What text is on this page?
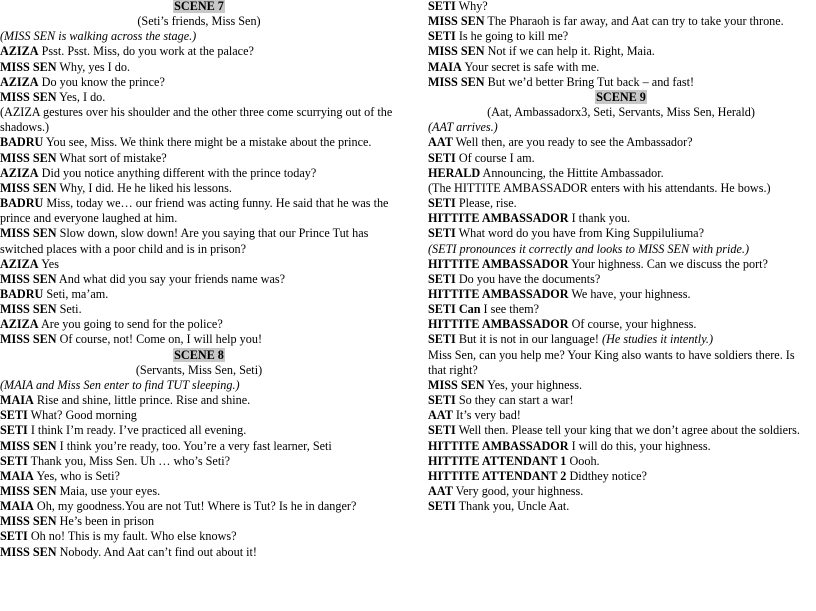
SCENE 7

(Seti’s friends, Miss Sen)

(MISS SEN is walking across the stage.)

AZIZA Psst. Psst. Miss, do you work at the palace?

MISS SEN Why, yes I do.

AZIZA Do you know the prince?

MISS SEN Yes, I do.

(AZIZA gestures over his shoulder and the other three come scurrying out of the

shadows.)

BADRU You see, Miss. We think there might be a mistake about the prince.

MISS SEN What sort of mistake?

AZIZA Did you notice anything different with the prince today?

MISS SEN Why, I did. He he liked his lessons.

BADRU Miss, today we… our friend was acting funny. He said that he was the prince and everyone laughed at him.

MISS SEN Slow down, slow down! Are you saying that our Prince Tut has switched places with a poor child and is in prison?

AZIZA Yes

MISS SEN And what did you say your friends name was?

BADRU Seti, ma’am.

MISS SEN Seti.

AZIZA Are you going to send for the police?

MISS SEN Of course, not! Come on, I will help you!

SCENE 8

(Servants, Miss Sen, Seti)

(MAIA and Miss Sen enter to find TUT sleeping.)

MAIA Rise and shine, little prince. Rise and shine.

SETI What? Good morning

SETI I think I’m ready. I’ve practiced all evening.

MISS SEN I think you’re ready, too. You’re a very fast learner, Seti

SETI Thank you, Miss Sen. Uh … who’s Seti?

MAIA Yes, who is Seti?

MISS SEN Maia, use your eyes.

MAIA Oh, my goodness.You are not Tut! Where is Tut? Is he in danger?

MISS SEN He’s been in prison

SETI Oh no! This is my fault. Who else knows?

MISS SEN Nobody. And Aat can’t find out about it!

SETI Why?

MISS SEN The Pharaoh is far away, and Aat can try to take your throne.

SETI Is he going to kill me?

MISS SEN Not if we can help it. Right, Maia.

MAIA Your secret is safe with me.

MISS SEN But we’d better Bring Tut back – and fast!

SCENE 9

(Aat, Ambassadorx3, Seti, Servants, Miss Sen, Herald)

(AAT arrives.)

AAT Well then, are you ready to see the Ambassador?

SETI Of course I am.

HERALD Announcing, the Hittite Ambassador.

(The HITTITE AMBASSADOR enters with his attendants. He bows.)

SETI Please, rise.

HITTITE AMBASSADOR I thank you.

SETI What word do you have from King Suppiluliuma?

(SETI pronounces it correctly and looks to MISS SEN with pride.)

HITTITE AMBASSADOR Your highness. Can we discuss the port?

SETI Do you have the documents?

HITTITE AMBASSADOR We have, your highness.

SETI Can I see them?

HITTITE AMBASSADOR Of course, your highness.

SETI But it is not in our language! (He studies it intently.)

Miss Sen, can you help me? Your King also wants to have soldiers there. Is that right?

MISS SEN Yes, your highness.

SETI So they can start a war!

AAT It’s very bad!

SETI Well then. Please tell your king that we don’t agree about the soldiers.

HITTITE AMBASSADOR I will do this, your highness.

HITTITE ATTENDANT 1 Oooh.

HITTITE ATTENDANT 2 Didthey notice?

AAT Very good, your highness.

SETI Thank you, Uncle Aat.
